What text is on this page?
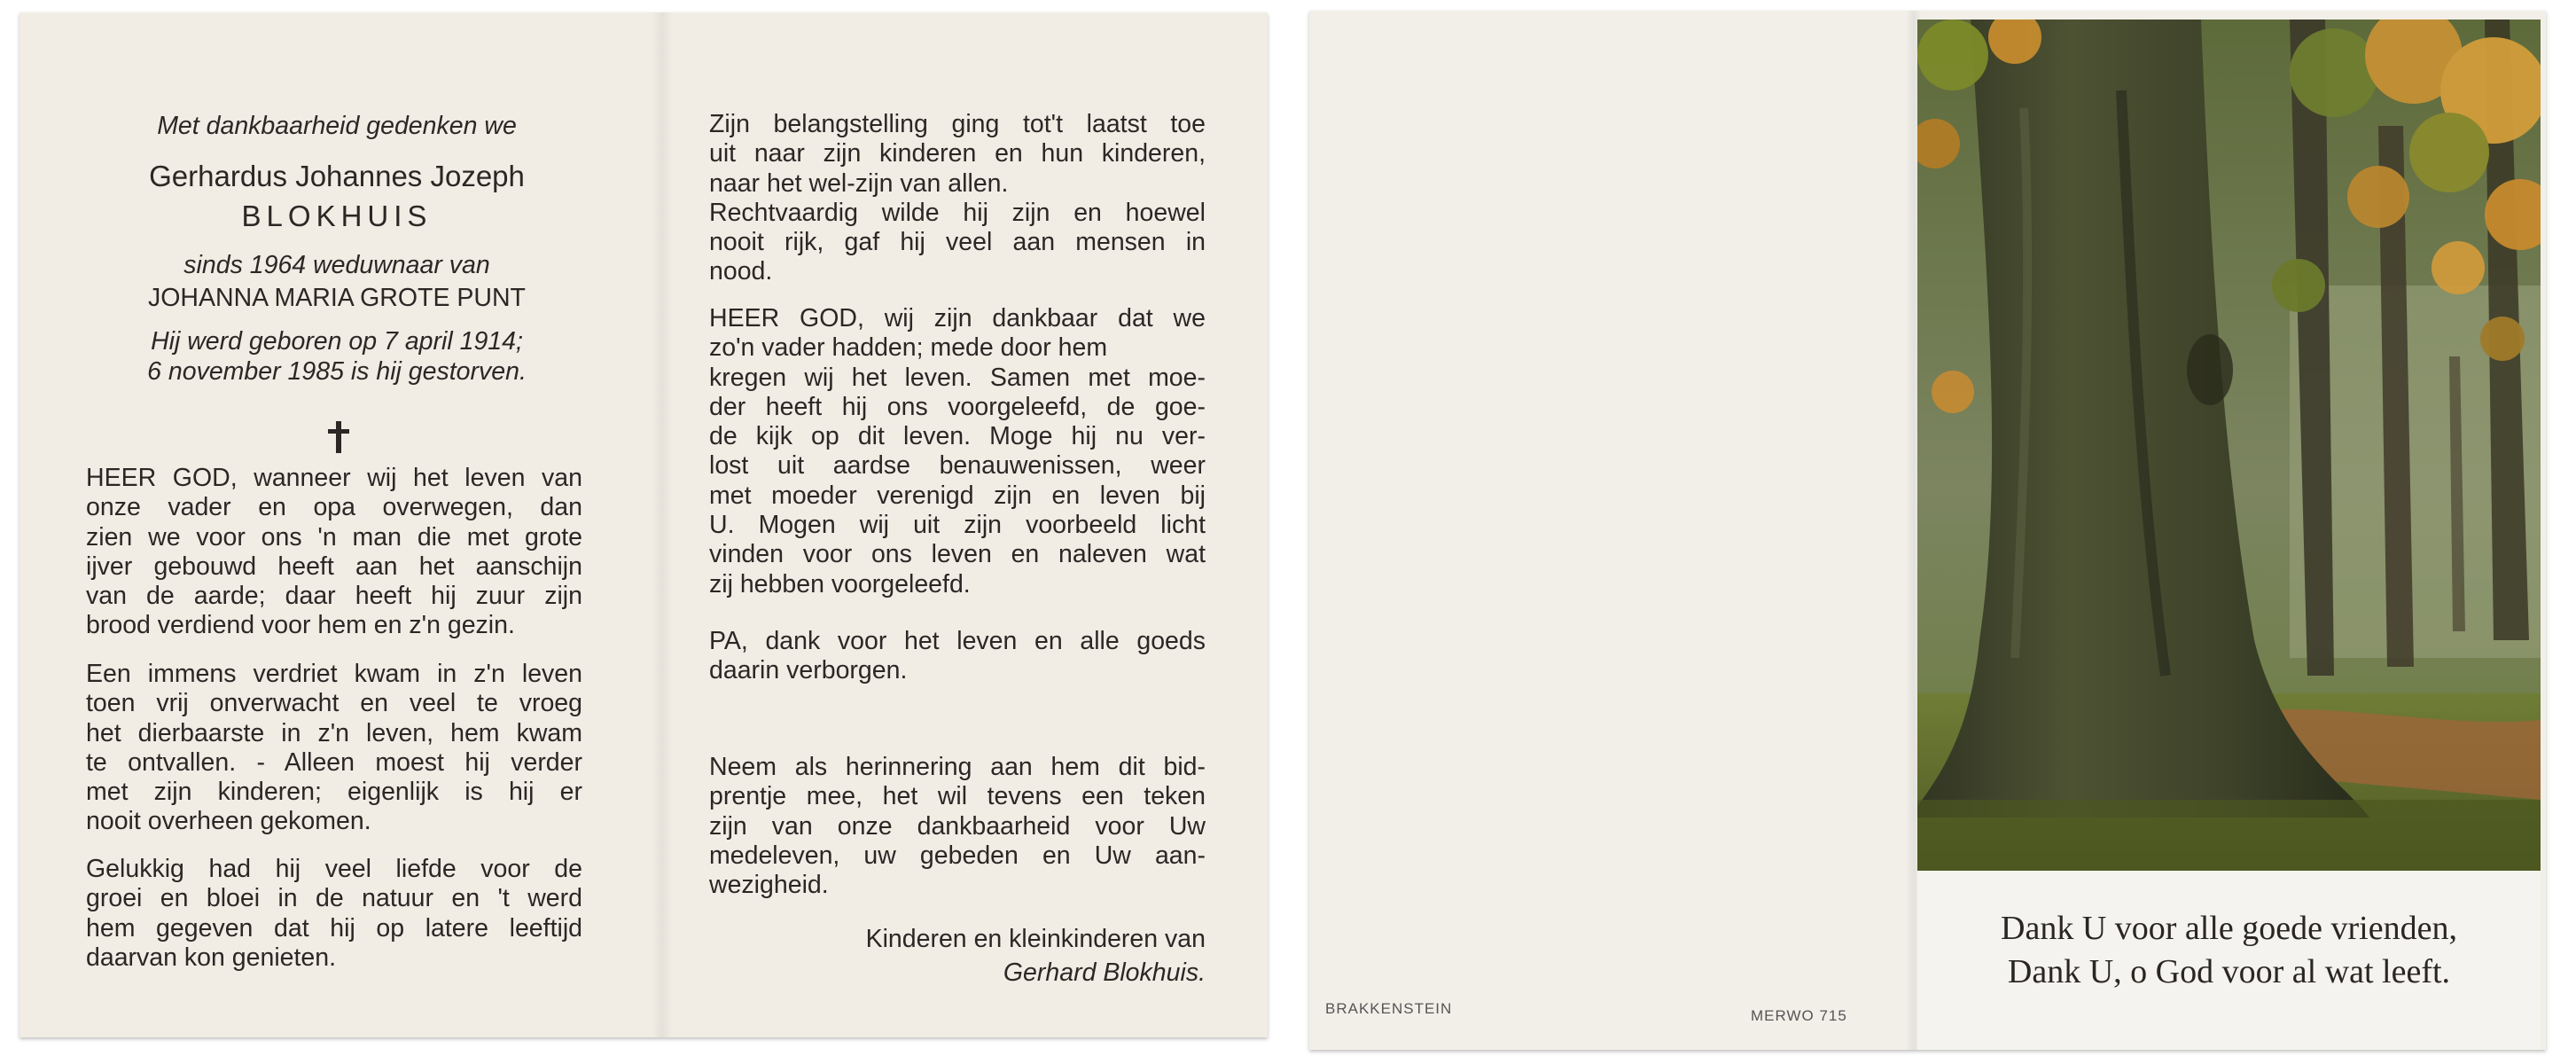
Met dankbaarheid gedenken we

Gerhardus Johannes Jozeph

BLOKHUIS

sinds 1964 weduwnaar van

JOHANNA MARIA GROTE PUNT

Hij werd geboren op 7 april 1914;

6 november 1985 is hij gestorven.

HEER GOD, wanneer wij het leven van
onze vader en opa overwegen, dan
zien we voor ons 'n man die met grote
ijver gebouwd heeft aan het aanschijn
van de aarde; daar heeft hij zuur zijn
brood verdiend voor hem en z'n gezin.
Een immens verdriet kwam in z'n leven
toen vrij onverwacht en veel te vroeg
het dierbaarste in z'n leven, hem kwam
te ontvallen. - Alleen moest hij verder
met zijn kinderen; eigenlijk is hij er
nooit overheen gekomen.
Gelukkig had hij veel liefde voor de
groei en bloei in de natuur en 't werd
hem gegeven dat hij op latere leeftijd
daarvan kon genieten.
Zijn belangstelling ging tot't laatst toe
uit naar zijn kinderen en hun kinderen,
naar het wel-zijn van allen.
Rechtvaardig wilde hij zijn en hoewel
nooit rijk, gaf hij veel aan mensen in
nood.
HEER GOD, wij zijn dankbaar dat we
zo'n vader hadden; mede door hem
kregen wij het leven. Samen met moe-
der heeft hij ons voorgeleefd, de goe-
de kijk op dit leven. Moge hij nu ver-
lost uit aardse benauwenissen, weer
met moeder verenigd zijn en leven bij
U. Mogen wij uit zijn voorbeeld licht
vinden voor ons leven en naleven wat
zij hebben voorgeleefd.
PA, dank voor het leven en alle goeds
daarin verborgen.
Neem als herinnering aan hem dit bid-
prentje mee, het wil tevens een teken
zijn van onze dankbaarheid voor Uw
medeleven, uw gebeden en Uw aan-
wezigheid.

Kinderen en kleinkinderen van

Gerhard Blokhuis.

BRAKKENSTEIN	MERWO 715

Dank U voor alle goede vrienden,

Dank U, o God voor al wat leeft.
